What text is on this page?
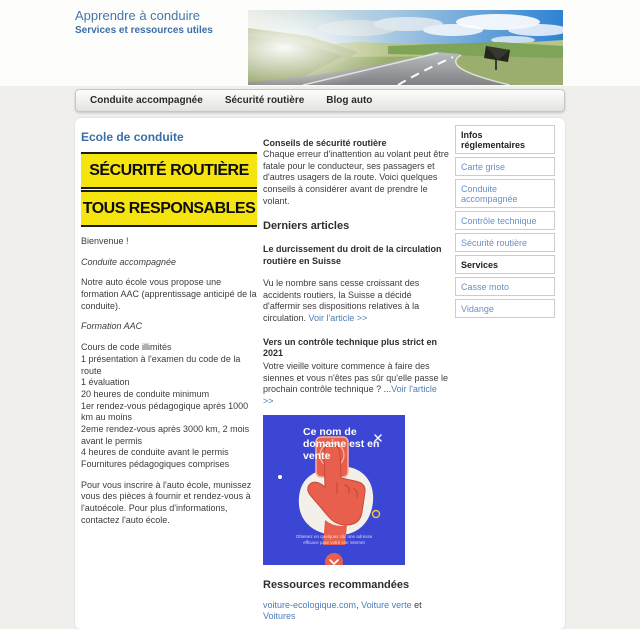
Apprendre à conduire
Services et ressources utiles
Conduite accompagnée Sécurité routière Blog auto
Ecole de conduite
SÉCURITÉ ROUTIÈRE
TOUS RESPONSABLES

Bienvenue !

Conduite accompagnée

Notre auto école vous propose une formation AAC (apprentissage anticipé de la conduite).

Formation AAC

Cours de code illimités
1 présentation à l'examen du code de la route
1 évaluation
20 heures de conduite minimum
1er rendez-vous pédagogique après 1000 km au moins
2eme rendez-vous après 3000 km, 2 mois avant le permis
4 heures de conduite avant le permis
Fournitures pédagogiques comprises

Pour vous inscrire à l'auto école, munissez vous des pièces à fournir et rendez-vous à l'autoécole. Pour plus d'informations, contactez l'auto école.

Conseils de sécurité routière

Chaque erreur d'inattention au volant peut être fatale pour le conducteur, ses passagers et d'autres usagers de la route. Voici quelques conseils à considérer avant de prendre le volant.

Derniers articles
Le durcissement du droit de la circulation routière en Suisse

Vu le nombre sans cesse croissant des accidents routiers, la Suisse a décidé d'affermir ses dispositions relatives à la circulation. Voir l'article >>

Vers un contrôle technique plus strict en 2021

Votre vieille voiture commence à faire des siennes et vous n'êtes pas sûr qu'elle passe le prochain contrôle technique ? ...Voir l'article >>

Ce nom de domaine est en vente
Obtenez en quelques clic une adresse
efficace pour votre site internet
Ressources recommandées
voiture-ecologique.com, Voiture verte et Voitures
Infos réglementaires
Carte grise
Conduite accompagnée
Contrôle technique
Sécurité routière
Services
Casse moto
Vidange
